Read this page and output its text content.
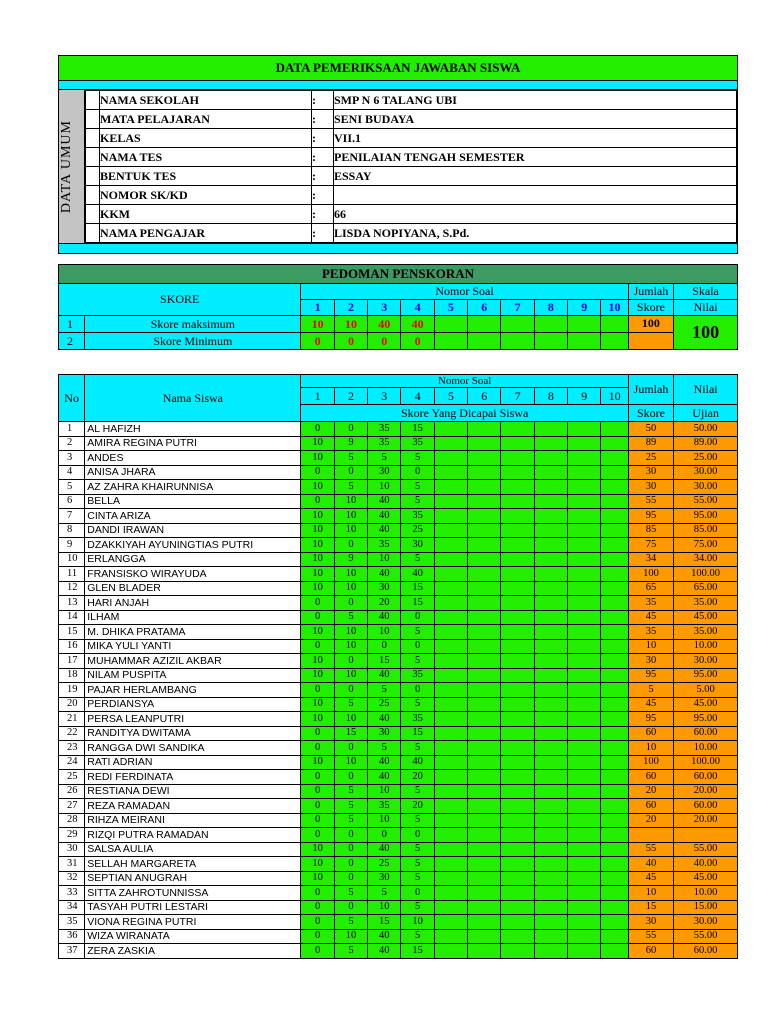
DATA PEMERIKSAAN JAWABAN SISWA

DATA UMUM

	NAMA SEKOLAH	:	SMP N 6 TALANG UBI
	MATA PELAJARAN	:	SENI BUDAYA
	KELAS	:	VII.1
	NAMA TES	:	PENILAIAN TENGAH SEMESTER
	BENTUK TES	:	ESSAY
	NOMOR SK/KD	:	
	KKM	:	66
	NAMA PENGAJAR	:	LISDA NOPIYANA, S.Pd.

PEDOMAN PENSKORAN													
SKORE		Nomor Soal										Jumlah	Skala
		1	2	3	4	5	6	7	8	9	10	Skore	Nilai
1	Skore maksimum	10	10	40	40							100	100
2	Skore Minimum	0	0	0	0								
No	Nama Siswa	Nomor Soal										Jumlah	Nilai
		1	2	3	4	5	6	7	8	9	10		
		Skore Yang Dicapai Siswa										Skore	Ujian
1	AL HAFIZH	0	0	35	15							50	50.00
2	AMIRA REGINA PUTRI	10	9	35	35							89	89.00
3	ANDES	10	5	5	5							25	25.00
4	ANISA JHARA	0	0	30	0							30	30.00
5	AZ ZAHRA KHAIRUNNISA	10	5	10	5							30	30.00
6	BELLA	0	10	40	5							55	55.00
7	CINTA ARIZA	10	10	40	35							95	95.00
8	DANDI IRAWAN	10	10	40	25							85	85.00
9	DZAKKIYAH AYUNINGTIAS PUTRI	10	0	35	30							75	75.00
10	ERLANGGA	10	9	10	5							34	34.00
11	FRANSISKO WIRAYUDA	10	10	40	40							100	100.00
12	GLEN BLADER	10	10	30	15							65	65.00
13	HARI ANJAH	0	0	20	15							35	35.00
14	ILHAM	0	5	40	0							45	45.00
15	M. DHIKA PRATAMA	10	10	10	5							35	35.00
16	MIKA YULI YANTI	0	10	0	0							10	10.00
17	MUHAMMAR AZIZIL AKBAR	10	0	15	5							30	30.00
18	NILAM PUSPITA	10	10	40	35							95	95.00
19	PAJAR HERLAMBANG	0	0	5	0							5	5.00
20	PERDIANSYA	10	5	25	5							45	45.00
21	PERSA LEANPUTRI	10	10	40	35							95	95.00
22	RANDITYA DWITAMA	0	15	30	15							60	60.00
23	RANGGA DWI SANDIKA	0	0	5	5							10	10.00
24	RATI ADRIAN	10	10	40	40							100	100.00
25	REDI FERDINATA	0	0	40	20							60	60.00
26	RESTIANA DEWI	0	5	10	5							20	20.00
27	REZA RAMADAN	0	5	35	20							60	60.00
28	RIHZA MEIRANI	0	5	10	5							20	20.00
29	RIZQI PUTRA RAMADAN	0	0	0	0								
30	SALSA AULIA	10	0	40	5							55	55.00
31	SELLAH MARGARETA	10	0	25	5							40	40.00
32	SEPTIAN ANUGRAH	10	0	30	5							45	45.00
33	SITTA ZAHROTUNNISSA	0	5	5	0							10	10.00
34	TASYAH PUTRI LESTARI	0	0	10	5							15	15.00
35	VIONA REGINA PUTRI	0	5	15	10							30	30.00
36	WIZA WIRANATA	0	10	40	5							55	55.00
37	ZERA ZASKIA	0	5	40	15							60	60.00
